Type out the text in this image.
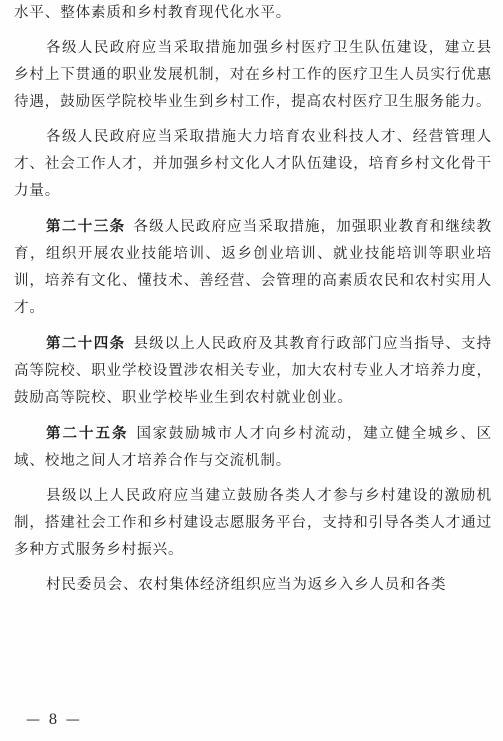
水平、整体素质和乡村教育现代化水平。

各级人民政府应当采取措施加强乡村医疗卫生队伍建设，建立县乡村上下贯通的职业发展机制，对在乡村工作的医疗卫生人员实行优惠待遇，鼓励医学院校毕业生到乡村工作，提高农村医疗卫生服务能力。

各级人民政府应当采取措施大力培育农业科技人才、经营管理人才、社会工作人才，并加强乡村文化人才队伍建设，培育乡村文化骨干力量。

第二十三条 各级人民政府应当采取措施，加强职业教育和继续教育，组织开展农业技能培训、返乡创业培训、就业技能培训等职业培训，培养有文化、懂技术、善经营、会管理的高素质农民和农村实用人才。

第二十四条 县级以上人民政府及其教育行政部门应当指导、支持高等院校、职业学校设置涉农相关专业，加大农村专业人才培养力度，鼓励高等院校、职业学校毕业生到农村就业创业。

第二十五条 国家鼓励城市人才向乡村流动，建立健全城乡、区域、校地之间人才培养合作与交流机制。

县级以上人民政府应当建立鼓励各类人才参与乡村建设的激励机制，搭建社会工作和乡村建设志愿服务平台，支持和引导各类人才通过多种方式服务乡村振兴。

村民委员会、农村集体经济组织应当为返乡入乡人员和各类

— 8 —
